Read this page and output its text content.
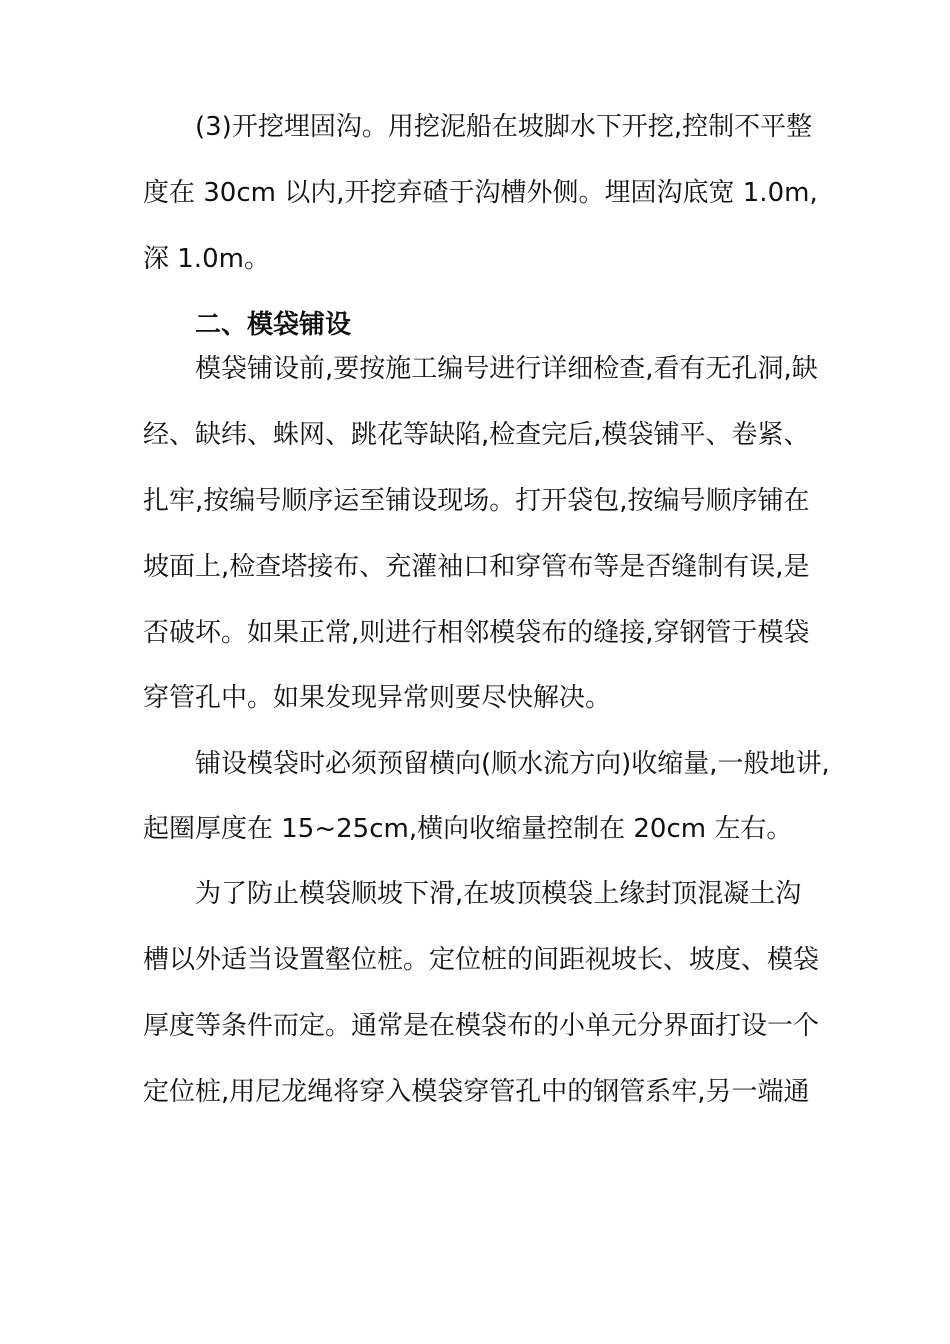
(3)开挖埋固沟。用挖泥船在坡脚水下开挖,控制不平整
度在 30cm 以内,开挖弃碴于沟槽外侧。埋固沟底宽 1.0m,
深 1.0m。
二、模袋铺设
模袋铺设前,要按施工编号进行详细检查,看有无孔洞,缺
经、缺纬、蛛网、跳花等缺陷,检查完后,模袋铺平、卷紧、
扎牢,按编号顺序运至铺设现场。打开袋包,按编号顺序铺在
坡面上,检查塔接布、充灌袖口和穿管布等是否缝制有误,是
否破坏。如果正常,则进行相邻模袋布的缝接,穿钢管于模袋
穿管孔中。如果发现异常则要尽快解决。
铺设模袋时必须预留横向(顺水流方向)收缩量,一般地讲,
起圈厚度在 15~25cm,横向收缩量控制在 20cm 左右。
为了防止模袋顺坡下滑,在坡顶模袋上缘封顶混凝土沟
槽以外适当设置壑位桩。定位桩的间距视坡长、坡度、模袋
厚度等条件而定。通常是在模袋布的小单元分界面打设一个
定位桩,用尼龙绳将穿入模袋穿管孔中的钢管系牢,另一端通
